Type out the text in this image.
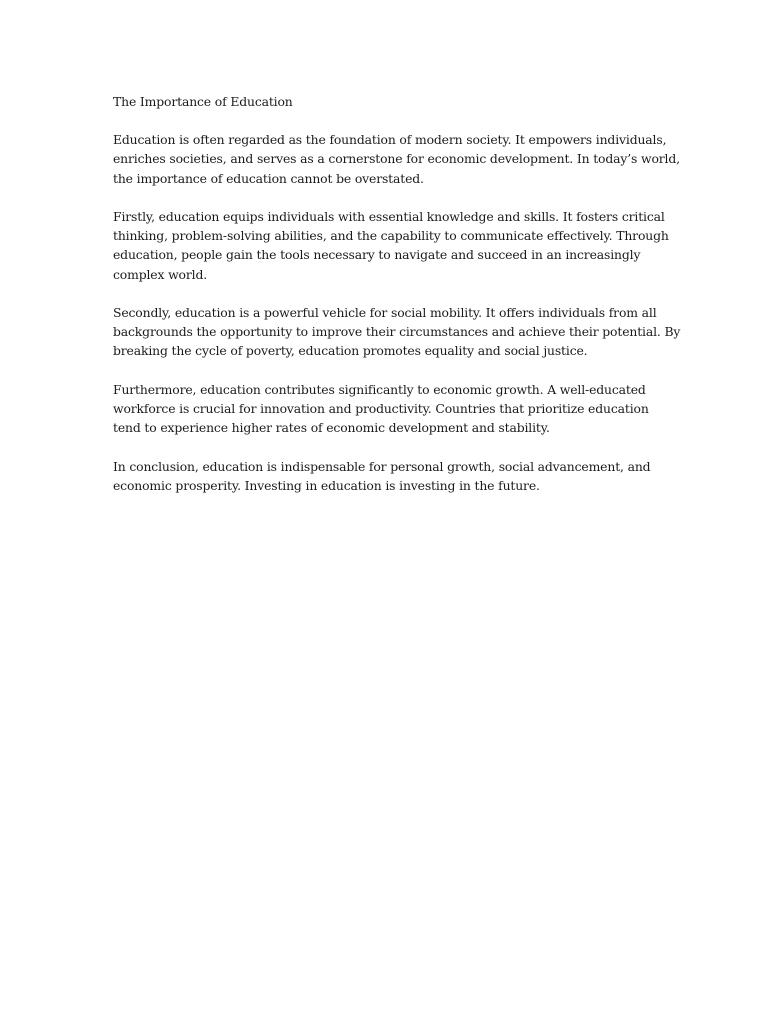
The Importance of Education
Education is often regarded as the foundation of modern society. It empowers individuals,
enriches societies, and serves as a cornerstone for economic development. In today’s world,
the importance of education cannot be overstated.
Firstly, education equips individuals with essential knowledge and skills. It fosters critical
thinking, problem-solving abilities, and the capability to communicate effectively. Through
education, people gain the tools necessary to navigate and succeed in an increasingly
complex world.
Secondly, education is a powerful vehicle for social mobility. It offers individuals from all
backgrounds the opportunity to improve their circumstances and achieve their potential. By
breaking the cycle of poverty, education promotes equality and social justice.
Furthermore, education contributes significantly to economic growth. A well-educated
workforce is crucial for innovation and productivity. Countries that prioritize education
tend to experience higher rates of economic development and stability.
In conclusion, education is indispensable for personal growth, social advancement, and
economic prosperity. Investing in education is investing in the future.
